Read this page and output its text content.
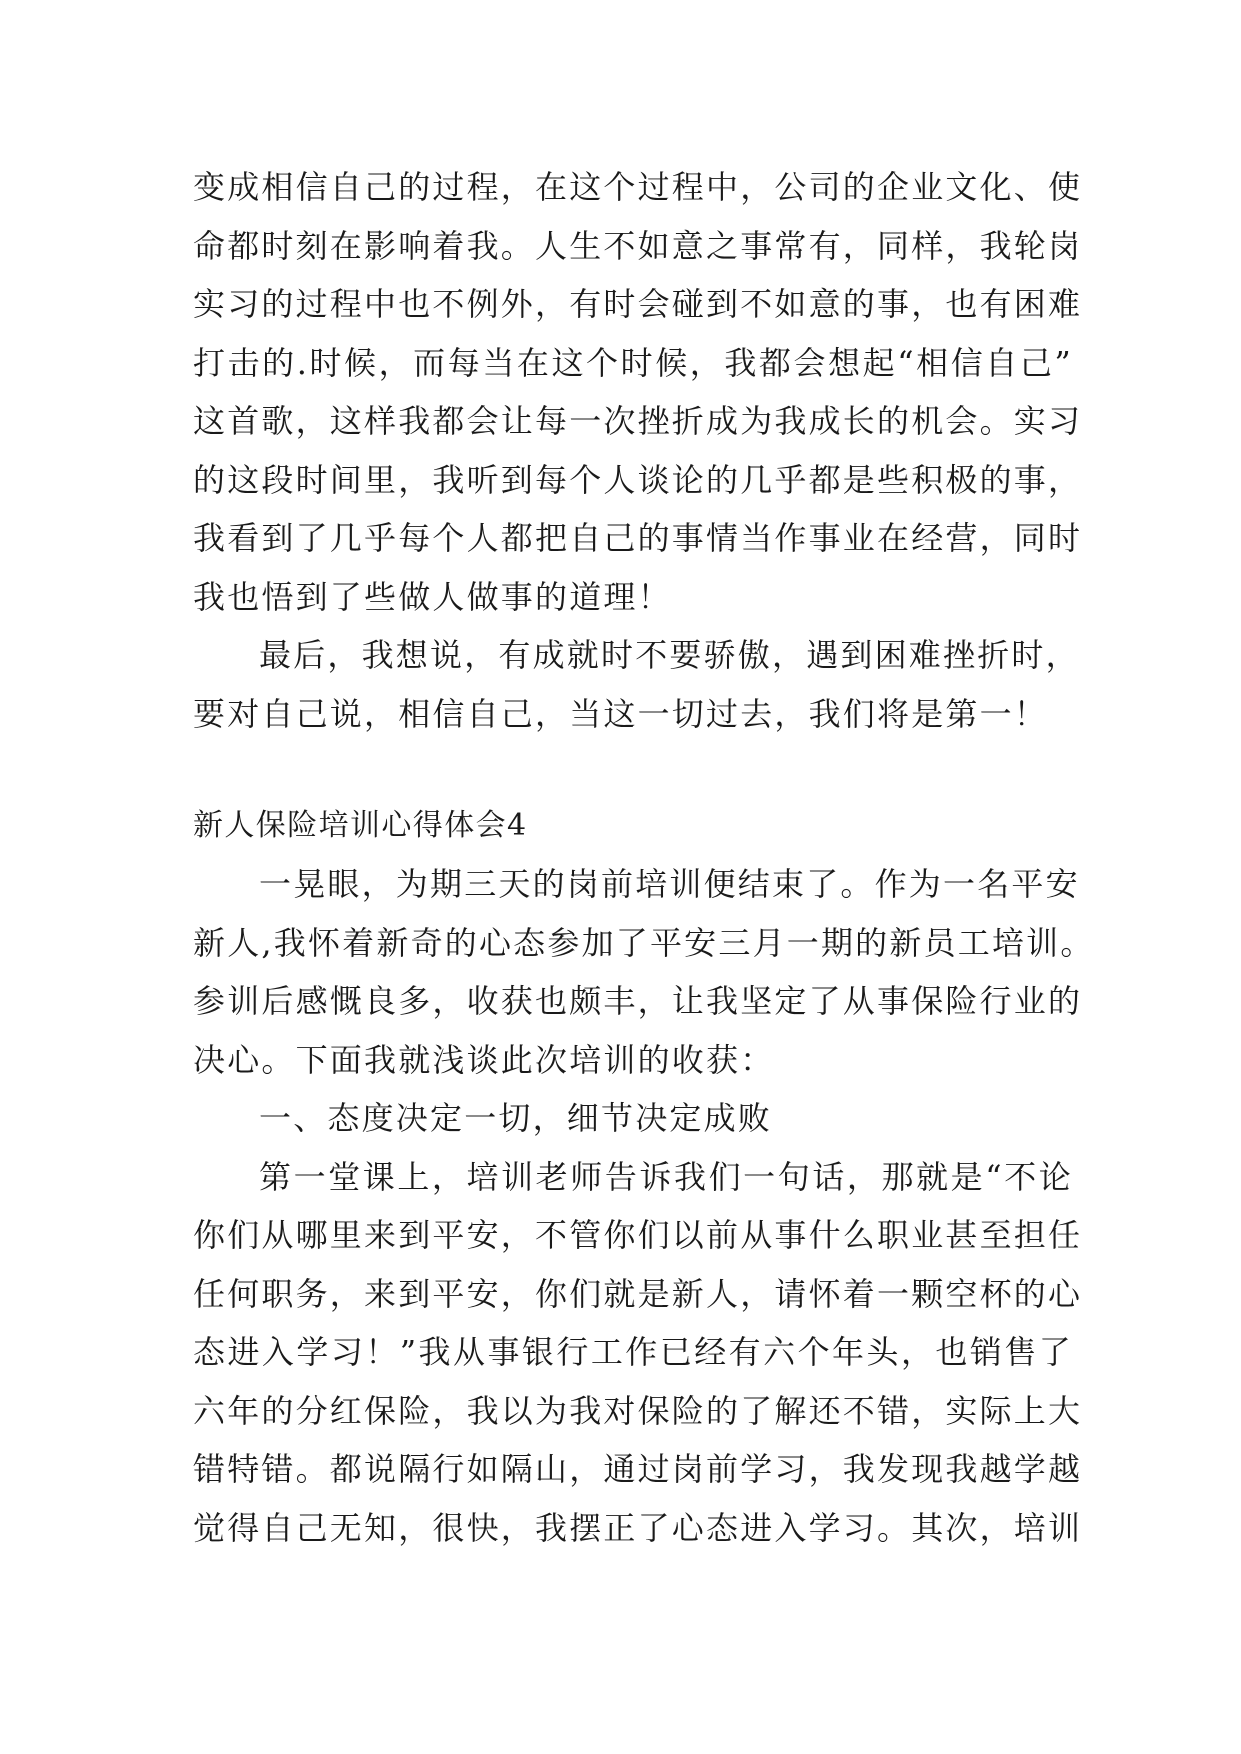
变成相信自己的过程，在这个过程中，公司的企业文化、使
命都时刻在影响着我。人生不如意之事常有，同样，我轮岗
实习的过程中也不例外，有时会碰到不如意的事，也有困难
打击的.时候，而每当在这个时候，我都会想起“相信自己”
这首歌，这样我都会让每一次挫折成为我成长的机会。实习
的这段时间里，我听到每个人谈论的几乎都是些积极的事，
我看到了几乎每个人都把自己的事情当作事业在经营，同时
我也悟到了些做人做事的道理！
最后，我想说，有成就时不要骄傲，遇到困难挫折时，
要对自己说，相信自己，当这一切过去，我们将是第一！
新人保险培训心得体会4
一晃眼，为期三天的岗前培训便结束了。作为一名平安
新人,我怀着新奇的心态参加了平安三月一期的新员工培训。
参训后感慨良多，收获也颇丰，让我坚定了从事保险行业的
决心。下面我就浅谈此次培训的收获：
一、态度决定一切，细节决定成败
第一堂课上，培训老师告诉我们一句话，那就是“不论
你们从哪里来到平安，不管你们以前从事什么职业甚至担任
任何职务，来到平安，你们就是新人，请怀着一颗空杯的心
态进入学习！”我从事银行工作已经有六个年头，也销售了
六年的分红保险，我以为我对保险的了解还不错，实际上大
错特错。都说隔行如隔山，通过岗前学习，我发现我越学越
觉得自己无知，很快，我摆正了心态进入学习。其次，培训
